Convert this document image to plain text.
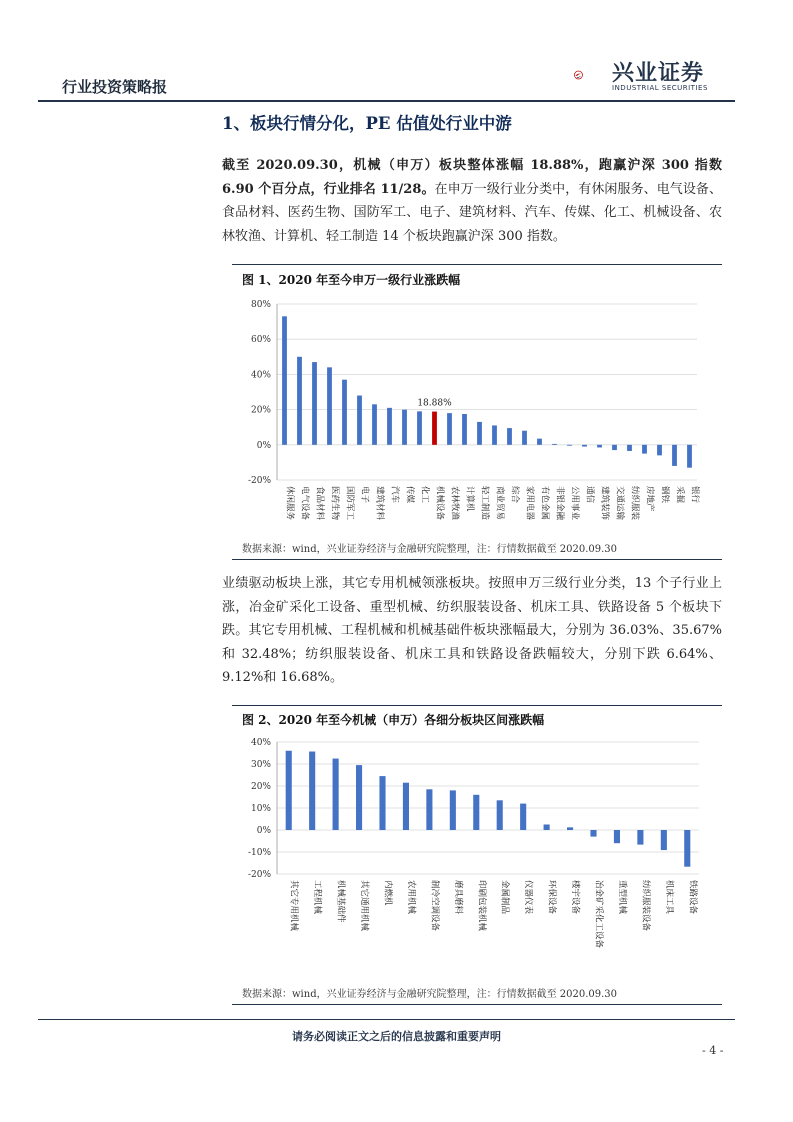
行业投资策略报
兴业证券
INDUSTRIAL SECURITIES
1、板块行情分化，PE 估值处行业中游
截至 2020.09.30，机械（申万）板块整体涨幅 18.88%，跑赢沪深 300 指数 6.90 个百分点，行业排名 11/28。在申万一级行业分类中，有休闲服务、电气设备、食品材料、医药生物、国防军工、电子、建筑材料、汽车、传媒、化工、机械设备、农林牧渔、计算机、轻工制造 14 个板块跑赢沪深 300 指数。
图 1、2020 年至今申万一级行业涨跌幅
80%
60%
40%
20%
0%
-20%
休闲服务 电气设备 食品材料 医药生物 国防军工 电子 建筑材料 汽车 传媒 化工
18.88%
机械设备 农林牧渔 计算机 轻工制造 商业贸易 综合 家用电器 有色金属 非银金融 公用事业 通信 建筑装饰 交通运输 纺织服装 房地产 钢铁 采掘 银行
数据来源：wind，兴业证券经济与金融研究院整理，注：行情数据截至 2020.09.30
业绩驱动板块上涨，其它专用机械领涨板块。按照申万三级行业分类，13 个子行业上涨，冶金矿采化工设备、重型机械、纺织服装设备、机床工具、铁路设备 5 个板块下跌。其它专用机械、工程机械和机械基础件板块涨幅最大，分别为 36.03%、35.67%和 32.48%；纺织服装设备、机床工具和铁路设备跌幅较大，分别下跌 6.64%、9.12%和 16.68%。
图 2、2020 年至今机械（申万）各细分板块区间涨跌幅
40%
30%
20%
10%
0%
-10%
-20%
其它专用机械 工程机械 机械基础件 其它通用机械 内燃机 农用机械 制冷空调设备 磨具磨料 印刷包装机械 金属制品 仪器仪表 环保设备 楼宇设备 冶金矿采化工设备 重型机械 纺织服装设备 机床工具 铁路设备
数据来源：wind，兴业证券经济与金融研究院整理，注：行情数据截至 2020.09.30
请务必阅读正文之后的信息披露和重要声明
- 4 -
